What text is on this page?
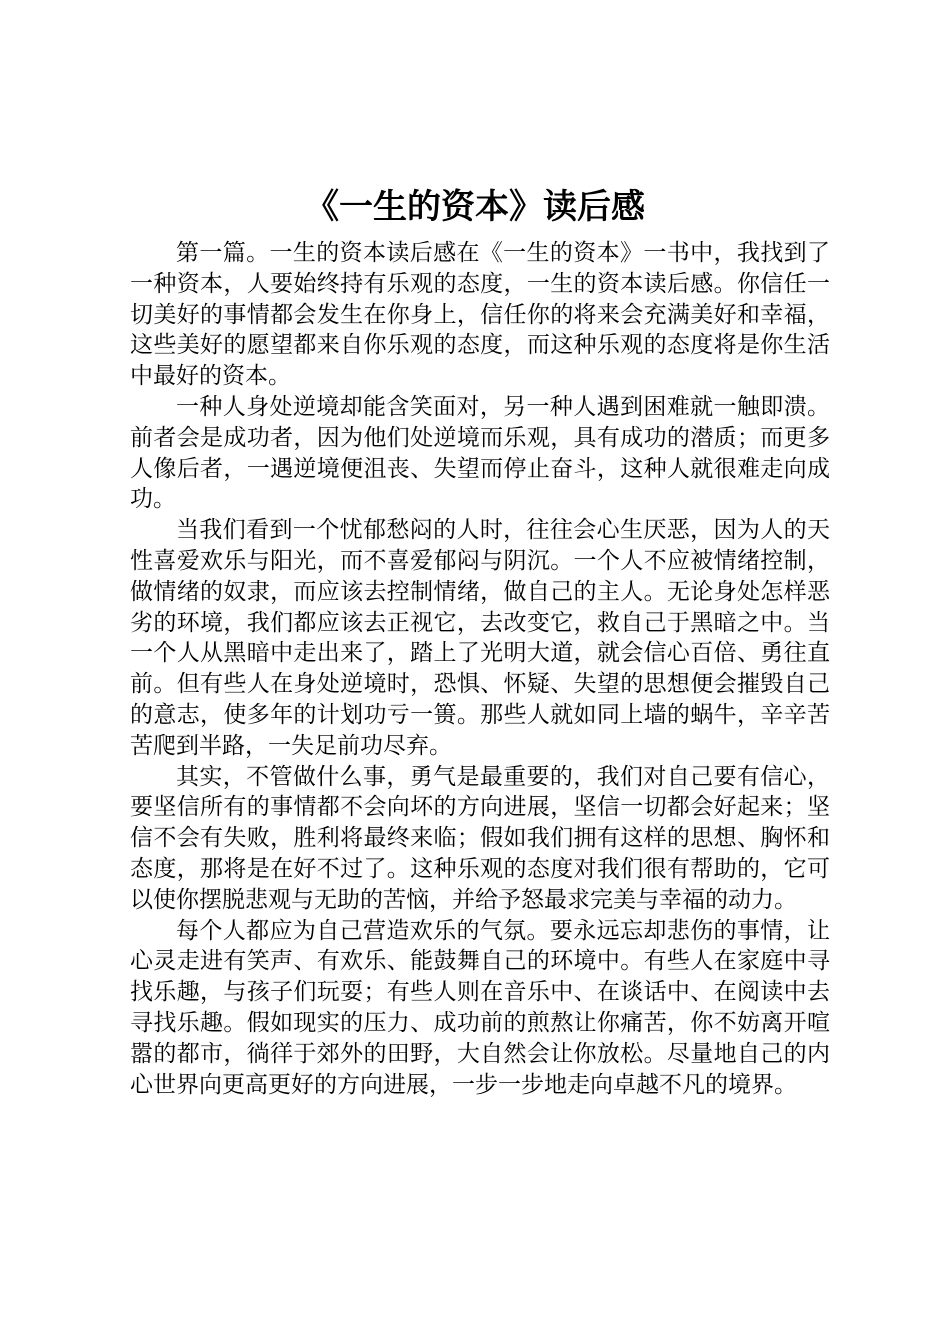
《一生的资本》读后感

第一篇。一生的资本读后感在《一生的资本》一书中，我找到了一种资本，人要始终持有乐观的态度，一生的资本读后感。你信任一切美好的事情都会发生在你身上，信任你的将来会充满美好和幸福，这些美好的愿望都来自你乐观的态度，而这种乐观的态度将是你生活中最好的资本。

一种人身处逆境却能含笑面对，另一种人遇到困难就一触即溃。前者会是成功者，因为他们处逆境而乐观，具有成功的潜质；而更多人像后者，一遇逆境便沮丧、失望而停止奋斗，这种人就很难走向成功。

当我们看到一个忧郁愁闷的人时，往往会心生厌恶，因为人的天性喜爱欢乐与阳光，而不喜爱郁闷与阴沉。一个人不应被情绪控制，做情绪的奴隶，而应该去控制情绪，做自己的主人。无论身处怎样恶劣的环境，我们都应该去正视它，去改变它，救自己于黑暗之中。当一个人从黑暗中走出来了，踏上了光明大道，就会信心百倍、勇往直前。但有些人在身处逆境时，恐惧、怀疑、失望的思想便会摧毁自己的意志，使多年的计划功亏一篑。那些人就如同上墙的蜗牛，辛辛苦苦爬到半路，一失足前功尽弃。

其实，不管做什么事，勇气是最重要的，我们对自己要有信心，要坚信所有的事情都不会向坏的方向进展，坚信一切都会好起来；坚信不会有失败，胜利将最终来临；假如我们拥有这样的思想、胸怀和态度，那将是在好不过了。这种乐观的态度对我们很有帮助的，它可以使你摆脱悲观与无助的苦恼，并给予怒最求完美与幸福的动力。

每个人都应为自己营造欢乐的气氛。要永远忘却悲伤的事情，让心灵走进有笑声、有欢乐、能鼓舞自己的环境中。有些人在家庭中寻找乐趣，与孩子们玩耍；有些人则在音乐中、在谈话中、在阅读中去寻找乐趣。假如现实的压力、成功前的煎熬让你痛苦，你不妨离开喧嚣的都市，徜徉于郊外的田野，大自然会让你放松。尽量地自己的内心世界向更高更好的方向进展，一步一步地走向卓越不凡的境界。
